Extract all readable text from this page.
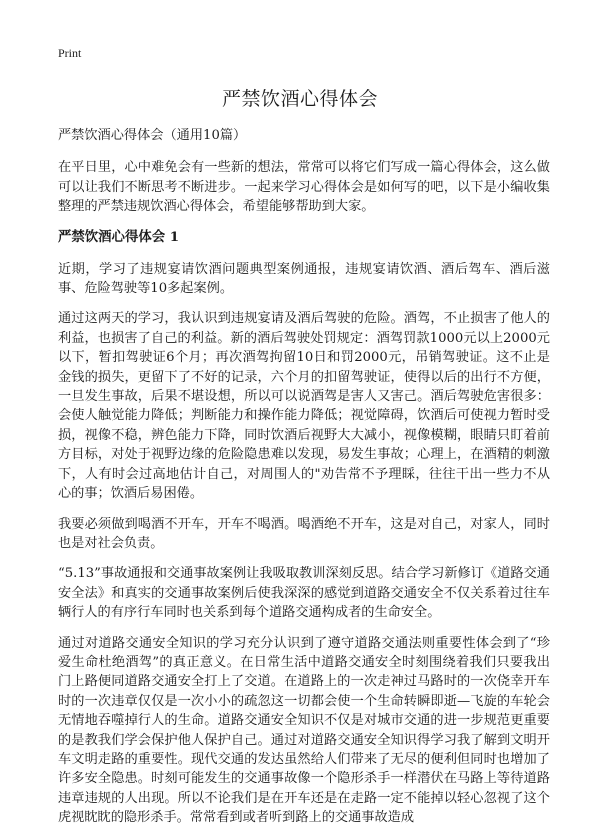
Print
严禁饮酒心得体会

严禁饮酒心得体会（通用10篇）

在平日里，心中难免会有一些新的想法，常常可以将它们写成一篇心得体会，这么做可以让我们不断思考不断进步。一起来学习心得体会是如何写的吧，以下是小编收集整理的严禁违规饮酒心得体会，希望能够帮助到大家。

严禁饮酒心得体会 1

近期，学习了违规宴请饮酒问题典型案例通报，违规宴请饮酒、酒后驾车、酒后滋事、危险驾驶等10多起案例。

通过这两天的学习，我认识到违规宴请及酒后驾驶的危险。酒驾，不止损害了他人的利益，也损害了自己的利益。新的酒后驾驶处罚规定：酒驾罚款1000元以上2000元以下，暂扣驾驶证6个月；再次酒驾拘留10日和罚2000元，吊销驾驶证。这不止是金钱的损失，更留下了不好的记录，六个月的扣留驾驶证，使得以后的出行不方便，一旦发生事故，后果不堪设想，所以可以说酒驾是害人又害己。酒后驾驶危害很多：会使人触觉能力降低；判断能力和操作能力降低；视觉障碍，饮酒后可使视力暂时受损，视像不稳，辨色能力下降，同时饮酒后视野大大减小，视像模糊，眼睛只盯着前方目标，对处于视野边缘的危险隐患难以发现，易发生事故；心理上，在酒精的刺激下，人有时会过高地估计自己，对周围人的"劝告常不予理睬，往往干出一些力不从心的事；饮酒后易困倦。

我要必须做到喝酒不开车，开车不喝酒。喝酒绝不开车，这是对自己，对家人，同时也是对社会负责。

“5.13”事故通报和交通事故案例让我吸取教训深刻反思。结合学习新修订《道路交通安全法》和真实的交通事故案例后使我深深的感觉到道路交通安全不仅关系着过往车辆行人的有序行车同时也关系到每个道路交通构成者的生命安全。

通过对道路交通安全知识的学习充分认识到了遵守道路交通法则重要性体会到了“珍爱生命杜绝酒驾”的真正意义。在日常生活中道路交通安全时刻围绕着我们只要我出门上路便同道路交通安全打上了交道。在道路上的一次走神过马路时的一次侥幸开车时的一次违章仅仅是一次小小的疏忽这一切都会使一个生命转瞬即逝—飞旋的车轮会无情地吞噬掉行人的生命。道路交通安全知识不仅是对城市交通的进一步规范更重要的是教我们学会保护他人保护自己。通过对道路交通安全知识得学习我了解到文明开车文明走路的重要性。现代交通的发达虽然给人们带来了无尽的便利但同时也增加了许多安全隐患。时刻可能发生的交通事故像一个隐形杀手一样潜伏在马路上等待道路违章违规的人出现。所以不论我们是在开车还是在走路一定不能掉以轻心忽视了这个虎视眈眈的隐形杀手。常常看到或者听到路上的交通事故造成
